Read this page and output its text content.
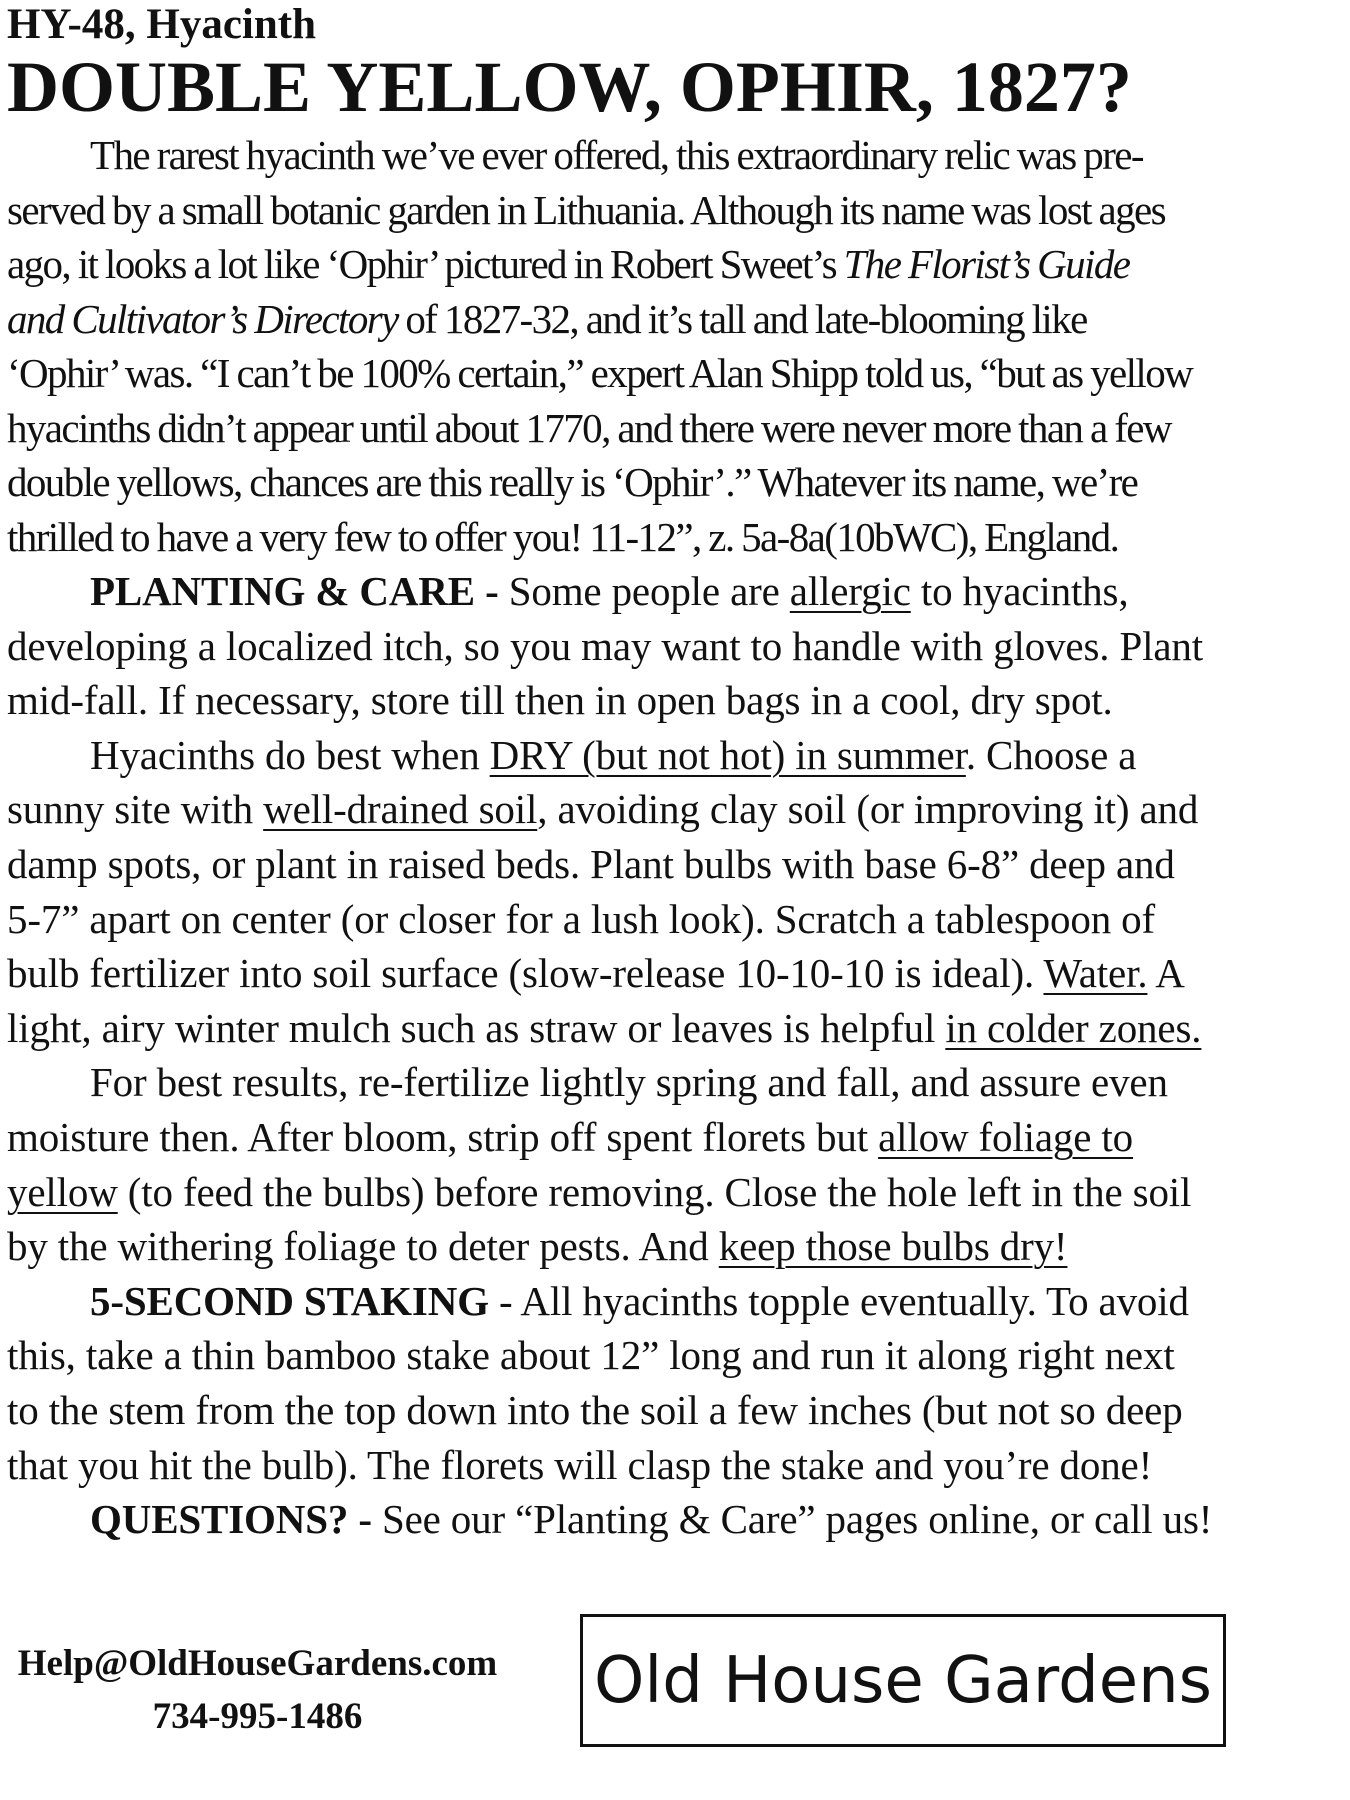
HY-48, Hyacinth
DOUBLE YELLOW, OPHIR, 1827?
The rarest hyacinth we’ve ever offered, this extraordinary relic was pre-
served by a small botanic garden in Lithuania. Although its name was lost ages
ago, it looks a lot like ‘Ophir’ pictured in Robert Sweet’s The Florist’s Guide
and Cultivator’s Directory of 1827-32, and it’s tall and late-blooming like
‘Ophir’ was. “I can’t be 100% certain,” expert Alan Shipp told us, “but as yellow
hyacinths didn’t appear until about 1770, and there were never more than a few
double yellows, chances are this really is ‘Ophir’.” Whatever its name, we’re
thrilled to have a very few to offer you! 11-12”, z. 5a-8a(10bWC), England.
PLANTING & CARE - Some people are allergic to hyacinths,
developing a localized itch, so you may want to handle with gloves. Plant
mid-fall. If necessary, store till then in open bags in a cool, dry spot.
Hyacinths do best when DRY (but not hot) in summer. Choose a
sunny site with well-drained soil, avoiding clay soil (or improving it) and
damp spots, or plant in raised beds. Plant bulbs with base 6-8” deep and
5-7” apart on center (or closer for a lush look). Scratch a tablespoon of
bulb fertilizer into soil surface (slow-release 10-10-10 is ideal). Water. A
light, airy winter mulch such as straw or leaves is helpful in colder zones.
For best results, re-fertilize lightly spring and fall, and assure even
moisture then. After bloom, strip off spent florets but allow foliage to
yellow (to feed the bulbs) before removing. Close the hole left in the soil
by the withering foliage to deter pests. And keep those bulbs dry!
5-SECOND STAKING - All hyacinths topple eventually. To avoid
this, take a thin bamboo stake about 12” long and run it along right next
to the stem from the top down into the soil a few inches (but not so deep
that you hit the bulb). The florets will clasp the stake and you’re done!
QUESTIONS? - See our “Planting & Care” pages online, or call us!
Help@OldHouseGardens.com
734-995-1486	Old House Gardens
